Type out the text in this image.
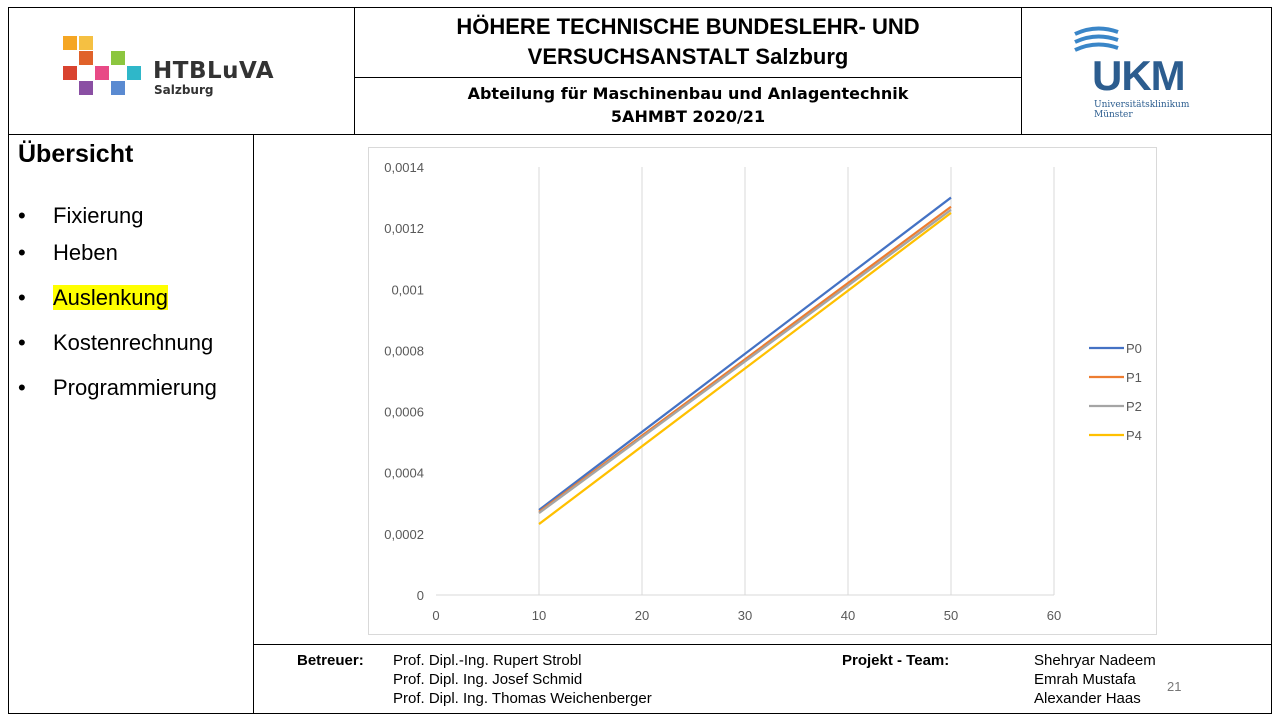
HÖHERE TECHNISCHE BUNDESLEHR- UND VERSUCHSANSTALT Salzburg
Abteilung für Maschinenbau und Anlagentechnik
5AHMBT 2020/21
HTBLuVA
Salzburg	UKM
Universitätsklinikum
Münster
Übersicht
• Fixierung
• Heben
• Auslenkung
• Kostenrechnung
• Programmierung
0	10	20	30	40	50	60
0
0,0002
0,0004
0,0006
0,0008
0,001
0,0012
0,0014
P0
P1
P2
P4
Betreuer: Prof. Dipl.-Ing. Rupert Strobl
Prof. Dipl. Ing. Josef Schmid
Prof. Dipl. Ing. Thomas Weichenberger
Projekt - Team:	Shehryar Nadeem
Emrah Mustafa
Alexander Haas
21
